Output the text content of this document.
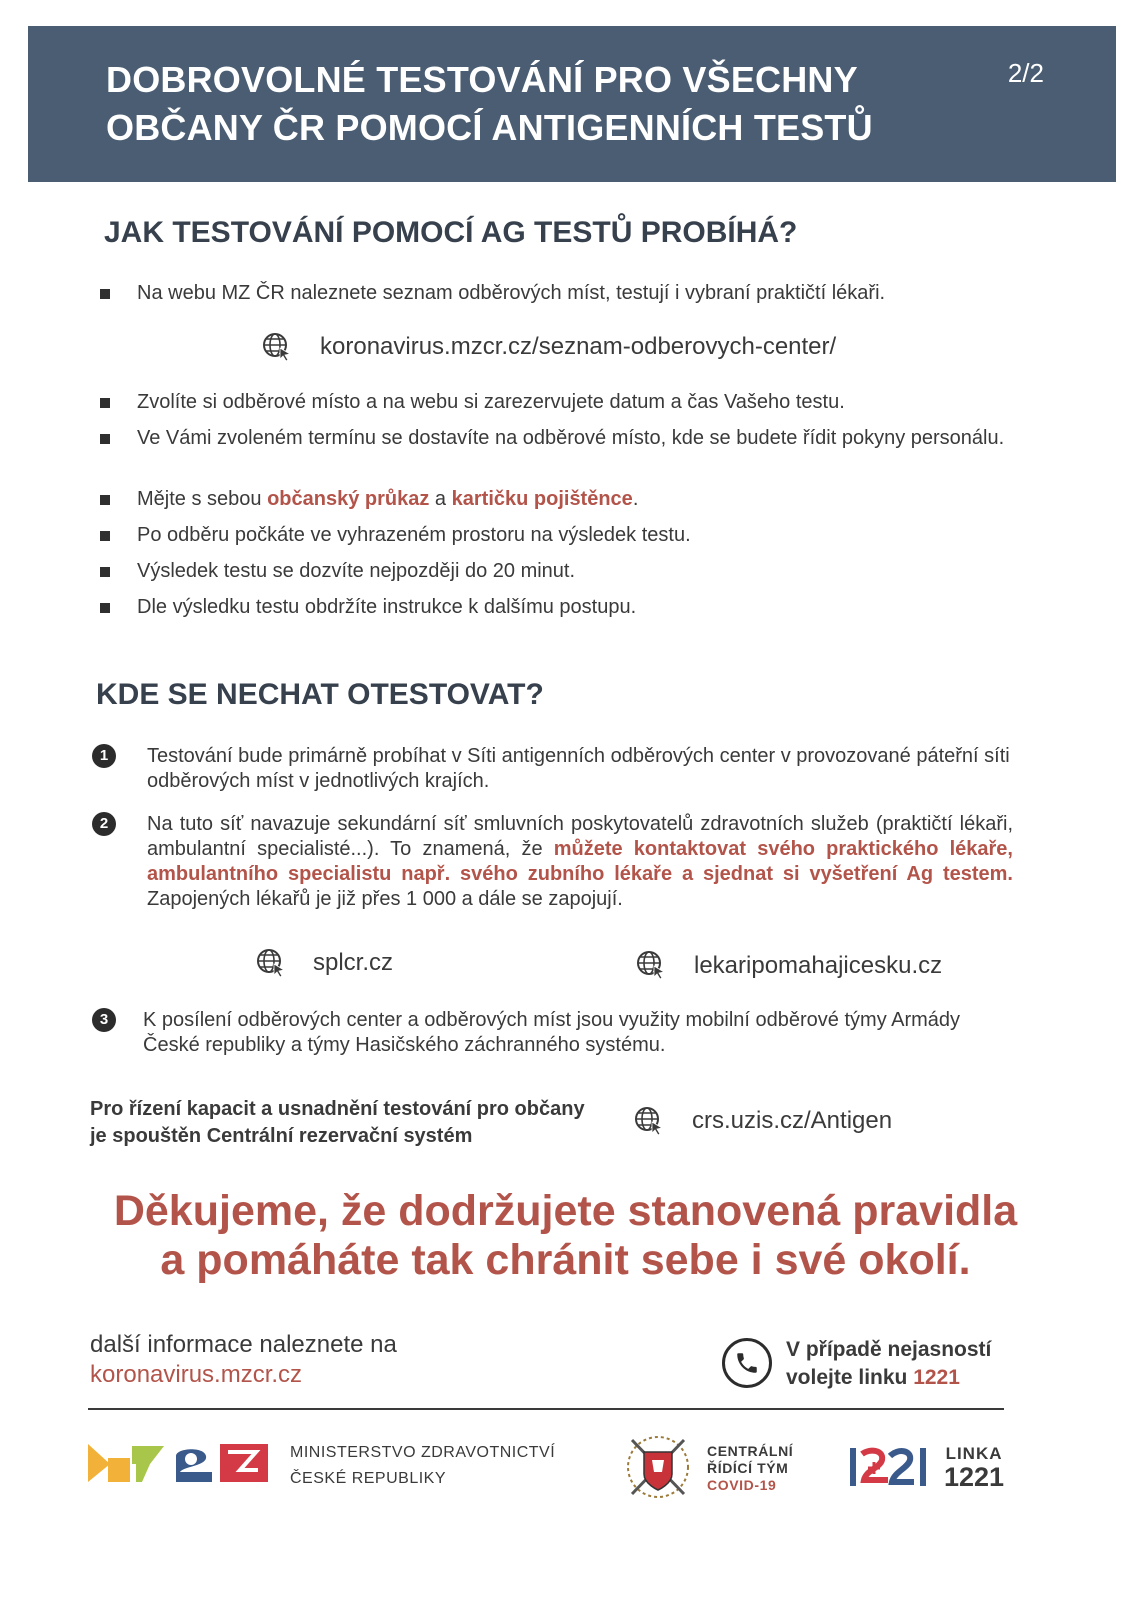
DOBROVOLNÉ TESTOVÁNÍ PRO VŠECHNY
OBČANY ČR POMOCÍ ANTIGENNÍCH TESTŮ
2/2
JAK TESTOVÁNÍ POMOCÍ AG TESTŮ PROBÍHÁ?
Na webu MZ ČR naleznete seznam odběrových míst, testují i vybraní praktičtí lékaři.
koronavirus.mzcr.cz/seznam-odberovych-center/
Zvolíte si odběrové místo a na webu si zarezervujete datum a čas Vašeho testu.
Ve Vámi zvoleném termínu se dostavíte na odběrové místo, kde se budete řídit pokyny personálu.
Mějte s sebou občanský průkaz a kartičku pojištěnce.
Po odběru počkáte ve vyhrazeném prostoru na výsledek testu.
Výsledek testu se dozvíte nejpozději do 20 minut.
Dle výsledku testu obdržíte instrukce k dalšímu postupu.
KDE SE NECHAT OTESTOVAT?
1	Testování bude primárně probíhat v Síti antigenních odběrových center v provozované páteřní síti odběrových míst v jednotlivých krajích.
2	Na tuto síť navazuje sekundární síť smluvních poskytovatelů zdravotních služeb (praktičtí lékaři, ambulantní specialisté...). To znamená, že můžete kontaktovat svého praktického lékaře, ambulantního specialistu např. svého zubního lékaře a sjednat si vyšetření Ag testem. Zapojených lékařů je již přes 1 000 a dále se zapojují.
splcr.cz	lekaripomahajicesku.cz
3	K posílení odběrových center a odběrových míst jsou využity mobilní odběrové týmy Armády České republiky a týmy Hasičského záchranného systému.
Pro řízení kapacit a usnadnění testování pro občany je spouštěn Centrální rezervační systém
crs.uzis.cz/Antigen
Děkujeme, že dodržujete stanovená pravidla
a pomáháte tak chránit sebe i své okolí.
další informace naleznete na
koronavirus.mzcr.cz
V případě nejasností
volejte linku 1221
MINISTERSTVO ZDRAVOTNICTVÍ
ČESKÉ REPUBLIKY
CENTRÁLNÍ
ŘÍDÍCÍ TÝM
COVID-19
LINKA
1221
